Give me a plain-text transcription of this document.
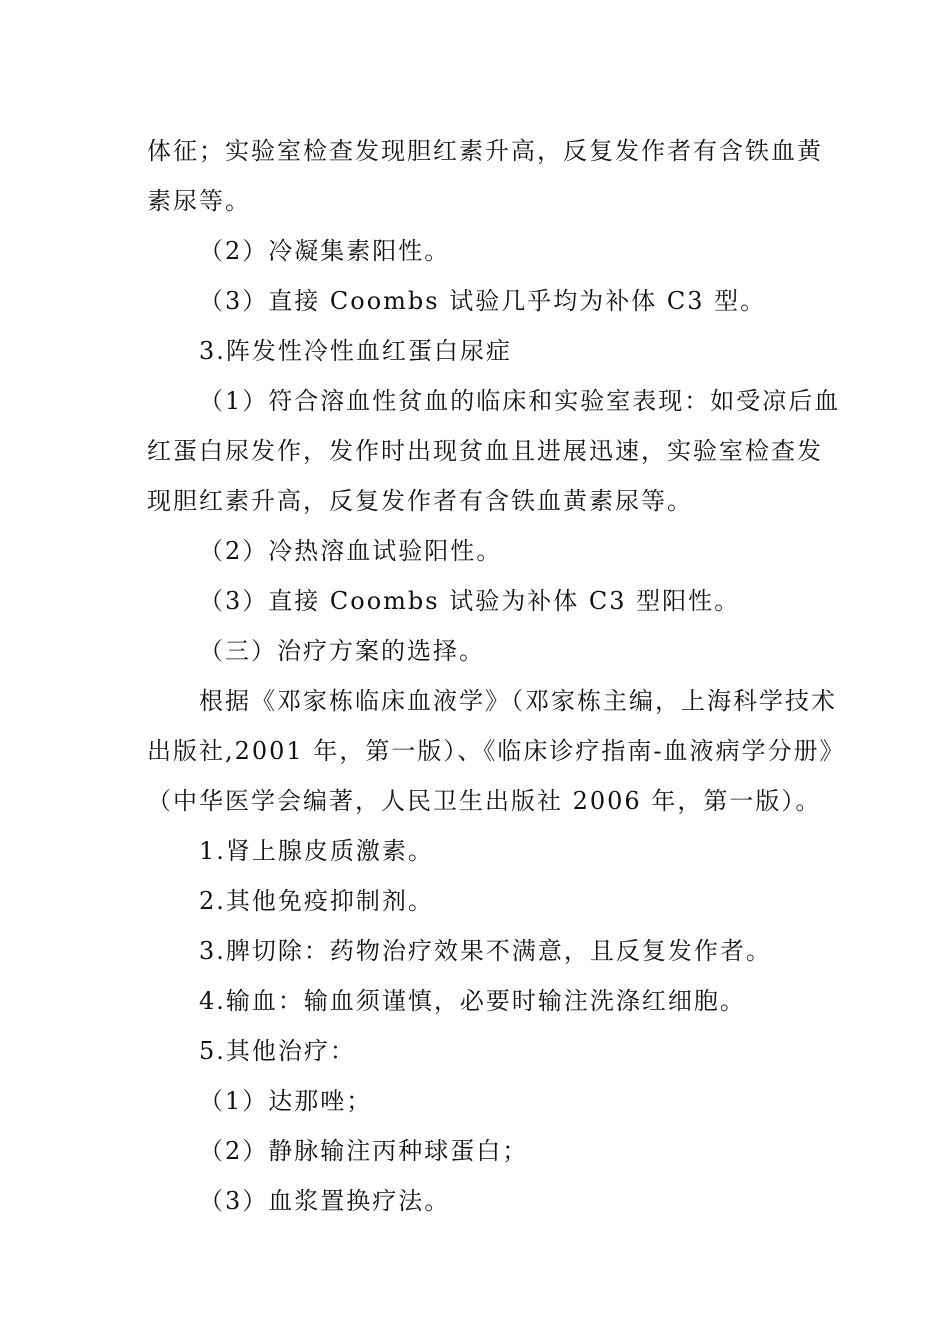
体征；实验室检查发现胆红素升高，反复发作者有含铁血黄
素尿等。
（2）冷凝集素阳性。
（3）直接 Coombs 试验几乎均为补体 C3 型。
3.阵发性冷性血红蛋白尿症
（1）符合溶血性贫血的临床和实验室表现：如受凉后血
红蛋白尿发作，发作时出现贫血且进展迅速，实验室检查发
现胆红素升高，反复发作者有含铁血黄素尿等。
（2）冷热溶血试验阳性。
（3）直接 Coombs 试验为补体 C3 型阳性。
（三）治疗方案的选择。
根据《邓家栋临床血液学》（邓家栋主编，上海科学技术
出版社,2001 年，第一版）、《临床诊疗指南-血液病学分册》
（中华医学会编著，人民卫生出版社 2006 年，第一版）。
1.肾上腺皮质激素。
2.其他免疫抑制剂。
3.脾切除：药物治疗效果不满意，且反复发作者。
4.输血：输血须谨慎，必要时输注洗涤红细胞。
5.其他治疗：
（1）达那唑；
（2）静脉输注丙种球蛋白；
（3）血浆置换疗法。
